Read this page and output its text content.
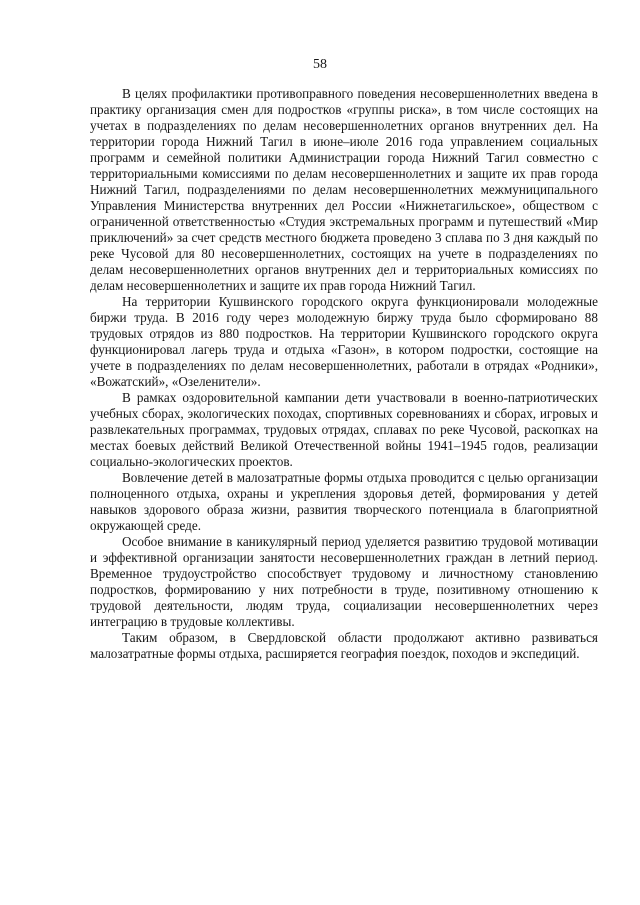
58

В целях профилактики противоправного поведения несовершеннолетних введена в практику организация смен для подростков «группы риска», в том числе состоящих на учетах в подразделениях по делам несовершеннолетних органов внутренних дел. На территории города Нижний Тагил в июне–июле 2016 года управлением социальных программ и семейной политики Администрации города Нижний Тагил совместно с территориальными комиссиями по делам несовершеннолетних и защите их прав города Нижний Тагил, подразделениями по делам несовершеннолетних межмуниципального Управления Министерства внутренних дел России «Нижнетагильское», обществом с ограниченной ответственностью «Студия экстремальных программ и путешествий «Мир приключений» за счет средств местного бюджета проведено 3 сплава по 3 дня каждый по реке Чусовой для 80 несовершеннолетних, состоящих на учете в подразделениях по делам несовершеннолетних органов внутренних дел и территориальных комиссиях по делам несовершеннолетних и защите их прав города Нижний Тагил.

На территории Кушвинского городского округа функционировали молодежные биржи труда. В 2016 году через молодежную биржу труда было сформировано 88 трудовых отрядов из 880 подростков. На территории Кушвинского городского округа функционировал лагерь труда и отдыха «Газон», в котором подростки, состоящие на учете в подразделениях по делам несовершеннолетних, работали в отрядах «Родники», «Вожатский», «Озеленители».

В рамках оздоровительной кампании дети участвовали в военно-патриотических учебных сборах, экологических походах, спортивных соревнованиях и сборах, игровых и развлекательных программах, трудовых отрядах, сплавах по реке Чусовой, раскопках на местах боевых действий Великой Отечественной войны 1941–1945 годов, реализации социально-экологических проектов.

Вовлечение детей в малозатратные формы отдыха проводится с целью организации полноценного отдыха, охраны и укрепления здоровья детей, формирования у детей навыков здорового образа жизни, развития творческого потенциала в благоприятной окружающей среде.

Особое внимание в каникулярный период уделяется развитию трудовой мотивации и эффективной организации занятости несовершеннолетних граждан в летний период. Временное трудоустройство способствует трудовому и личностному становлению подростков, формированию у них потребности в труде, позитивному отношению к трудовой деятельности, людям труда, социализации несовершеннолетних через интеграцию в трудовые коллективы.

Таким образом, в Свердловской области продолжают активно развиваться малозатратные формы отдыха, расширяется география поездок, походов и экспедиций.
